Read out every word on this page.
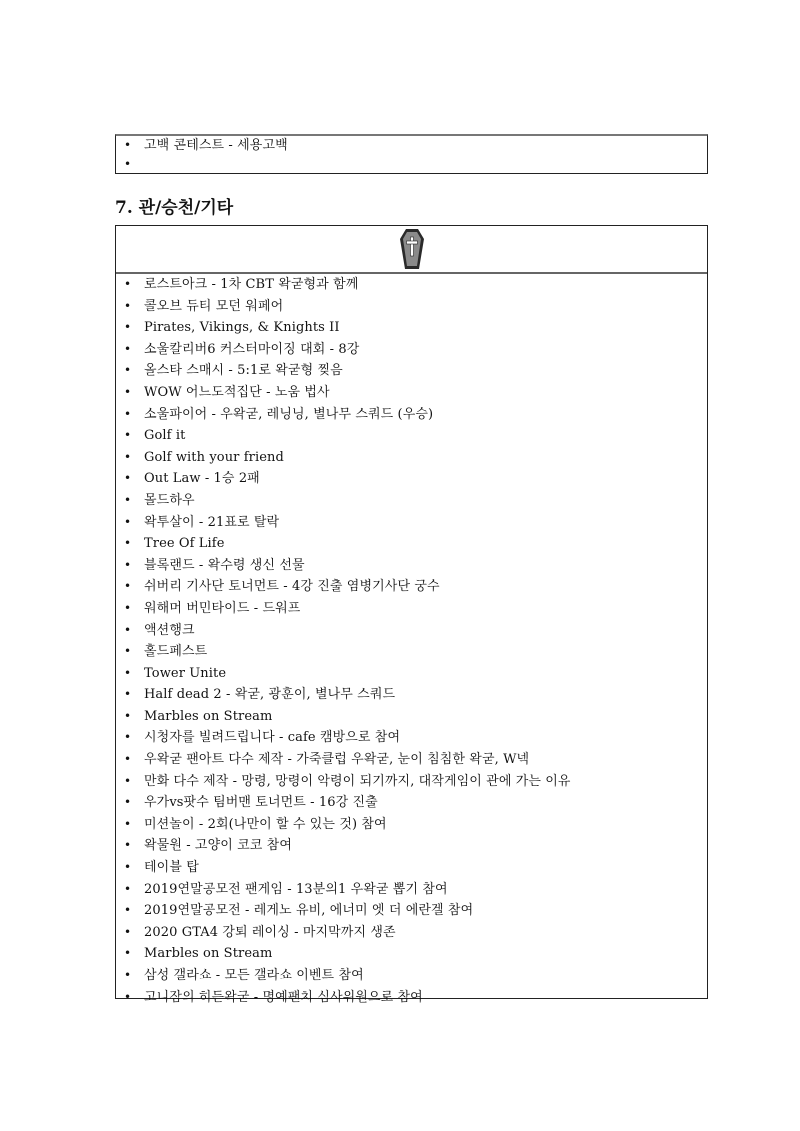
• 고백 콘테스트 - 세용고백
•
7. 관/승천/기타
• 로스트아크 - 1차 CBT 왁굳형과 함께
• 콜오브 듀티 모던 워페어
• Pirates, Vikings, & Knights II
• 소울칼리버6 커스터마이징 대회 - 8강
• 올스타 스매시 - 5:1로 왁굳형 찢음
• WOW 어느도적집단 - 노움 법사
• 소울파이어 - 우왁굳, 레닝닝, 별나무 스쿼드 (우승)
• Golf it
• Golf with your friend
• Out Law - 1승 2패
• 몰드하우
• 왁투살이 - 21표로 탈락
• Tree Of Life
• 블록랜드 - 왁수령 생신 선물
• 쉬버리 기사단 토너먼트 - 4강 진출 염병기사단 궁수
• 워해머 버민타이드 - 드워프
• 액션행크
• 홀드페스트
• Tower Unite
• Half dead 2 - 왁굳, 광훈이, 별나무 스쿼드
• Marbles on Stream
• 시청자를 빌려드립니다 - cafe 캠방으로 참여
• 우왁굳 팬아트 다수 제작 - 가죽클럽 우왁굳, 눈이 침침한 왁굳, W넥
• 만화 다수 제작 - 망령, 망령이 악령이 되기까지, 대작게임이 관에 가는 이유
• 우가vs팟수 팀버맨 토너먼트 - 16강 진출
• 미션놀이 - 2회(나만이 할 수 있는 것) 참여
• 왁물원 - 고양이 코코 참여
• 테이블 탑
• 2019연말공모전 팬게임 - 13분의1 우왁굳 뽑기 참여
• 2019연말공모전 - 레게노 유비, 에너미 엣 더 에란겔 참여
• 2020 GTA4 강퇴 레이싱 - 마지막까지 생존
• Marbles on Stream
• 삼성 갤라쇼 - 모든 갤라쇼 이벤트 참여
• 고니잠의 히든왁굳 - 명예팬치 심사위원으로 참여
